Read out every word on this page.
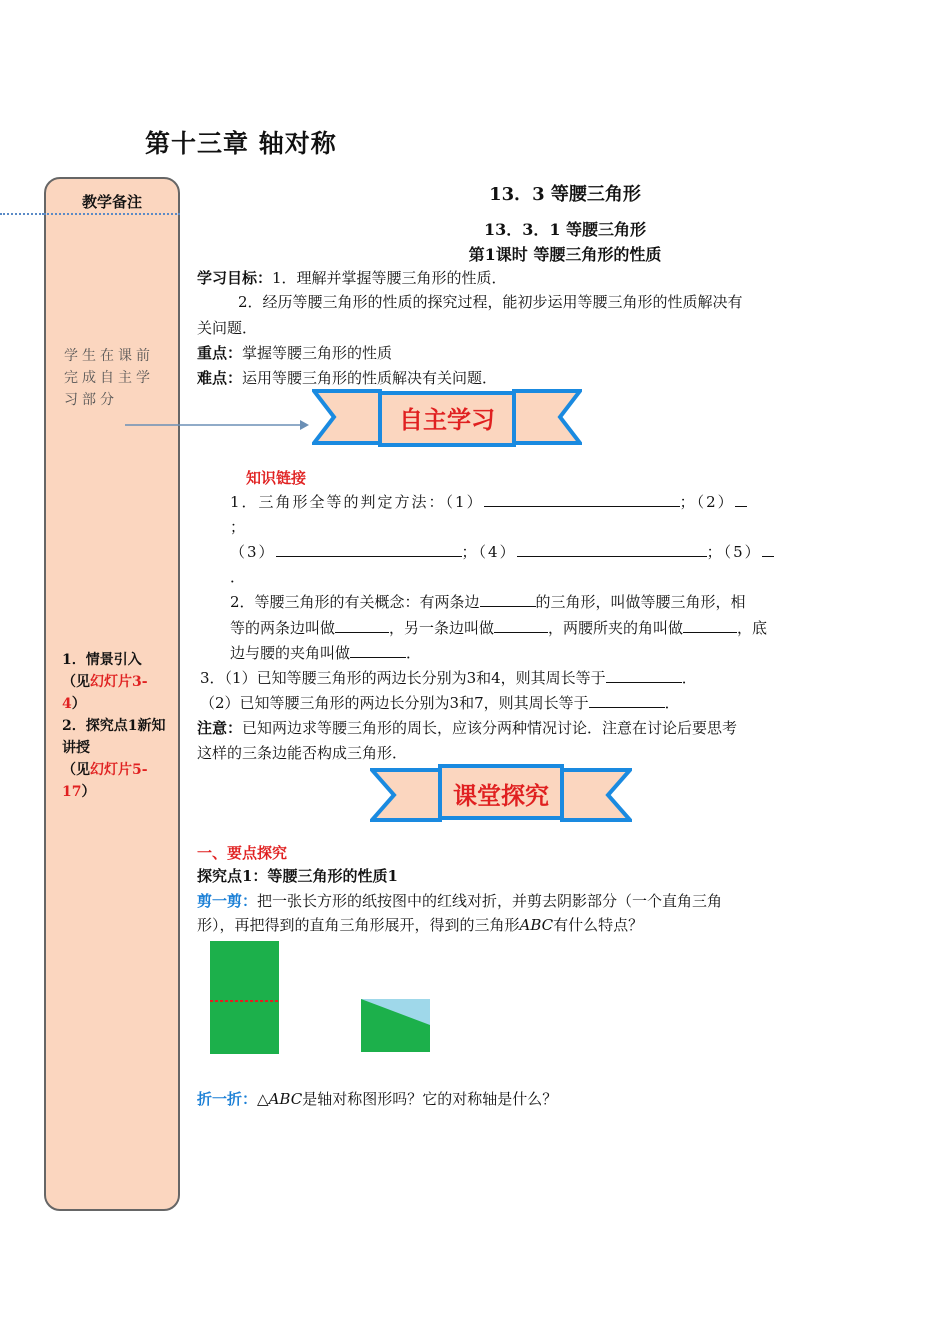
第十三章 轴对称
教学备注
学生在课前完成自主学习部分
1．情景引入
（见幻灯片3-4）
2．探究点1新知讲授
（见幻灯片5-17）
13．3 等腰三角形
13．3．1 等腰三角形
第1课时 等腰三角形的性质
学习目标：1．理解并掌握等腰三角形的性质．
2．经历等腰三角形的性质的探究过程，能初步运用等腰三角形的性质解决有
关问题．
重点：掌握等腰三角形的性质
难点：运用等腰三角形的性质解决有关问题．
自主学习
知识链接
1．三角形全等的判定方法：（1）	；（2）
；
（3）	；（4）	；（5）
．
2．等腰三角形的有关概念：有两条边	的三角形，叫做等腰三角形，相
等的两条边叫做	，另一条边叫做	，两腰所夹的角叫做	，底
边与腰的夹角叫做	．
3．（1）已知等腰三角形的两边长分别为3和4，则其周长等于	．
（2）已知等腰三角形的两边长分别为3和7，则其周长等于	．
注意：已知两边求等腰三角形的周长，应该分两种情况讨论．注意在讨论后要思考
这样的三条边能否构成三角形．
课堂探究
一、要点探究
探究点1：等腰三角形的性质1
剪一剪：把一张长方形的纸按图中的红线对折，并剪去阴影部分（一个直角三角
形），再把得到的直角三角形展开，得到的三角形ABC有什么特点？
折一折：△ABC是轴对称图形吗？它的对称轴是什么？
